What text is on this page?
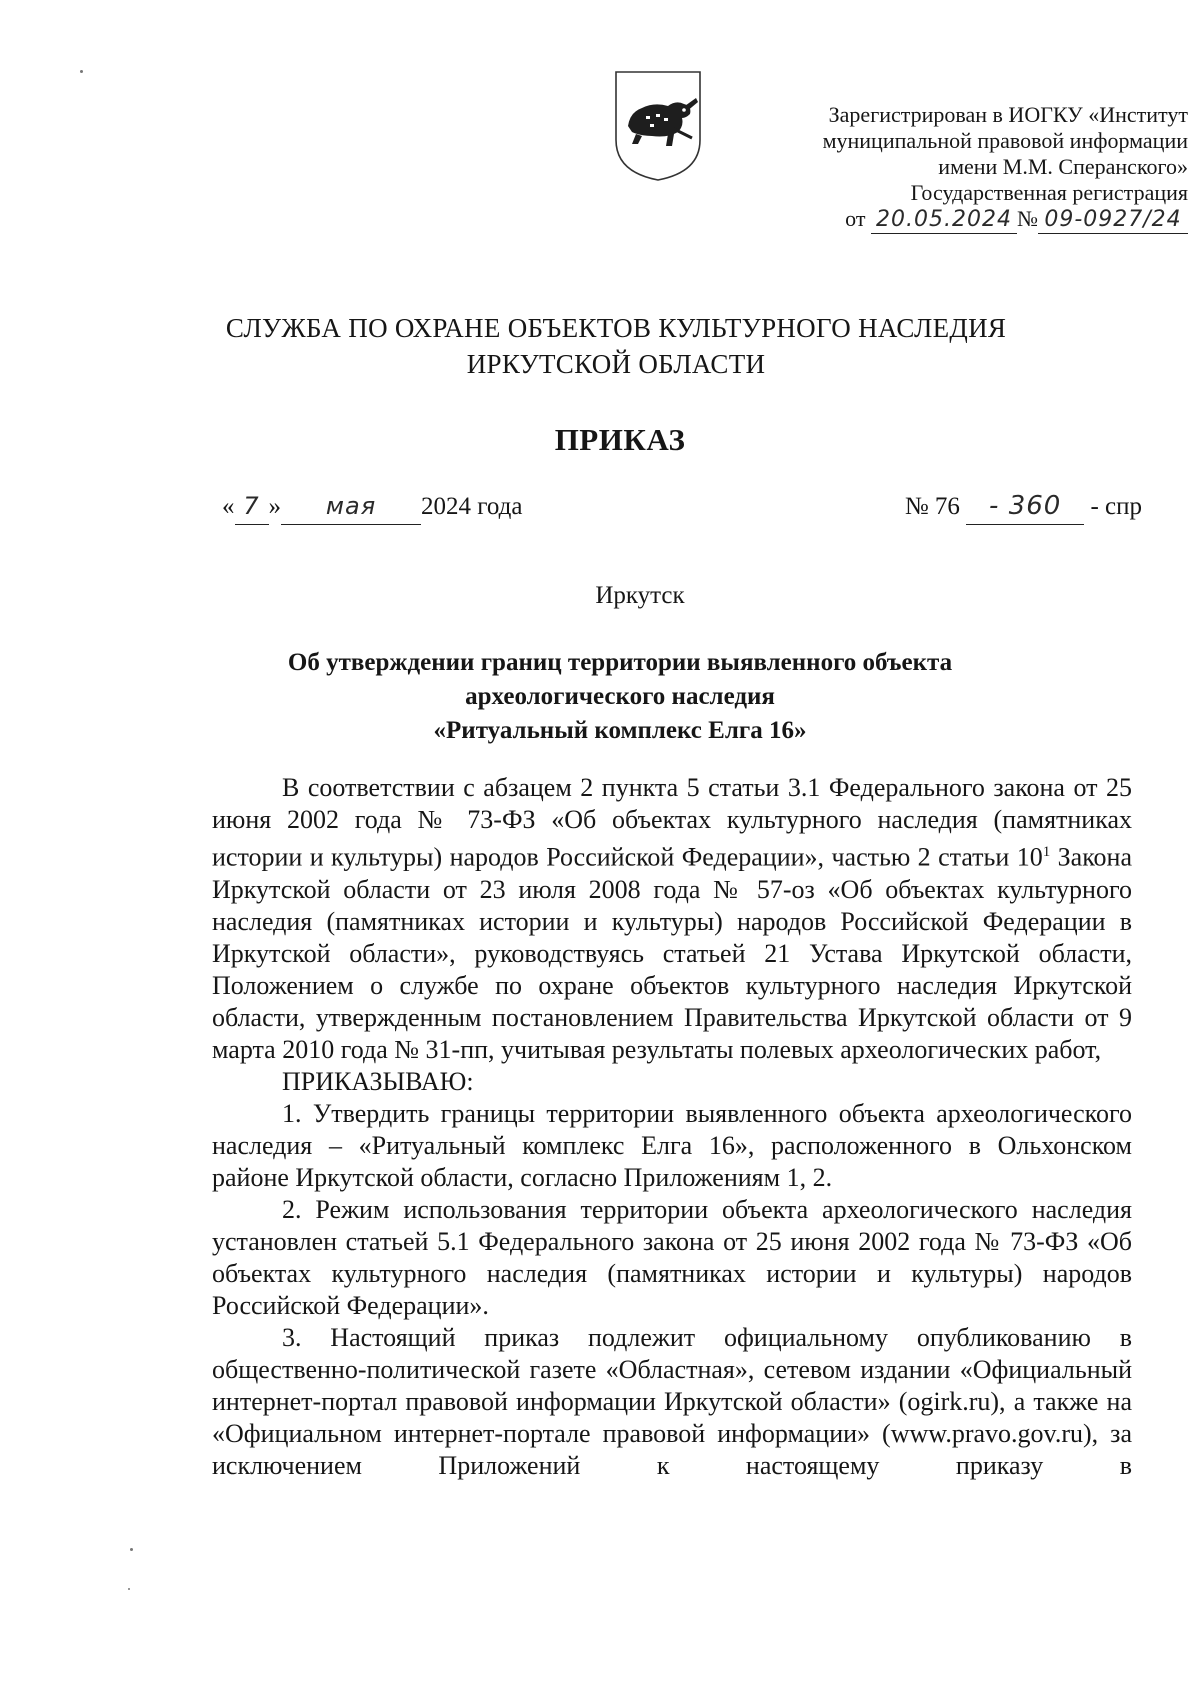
Зарегистрирован в ИОГКУ «Институт
муниципальной правовой информации
имени М.М. Сперанского»
Государственная регистрация
от 20.05.2024 № 09-0927/24
СЛУЖБА ПО ОХРАНЕ ОБЪЕКТОВ КУЛЬТУРНОГО НАСЛЕДИЯ
ИРКУТСКОЙ ОБЛАСТИ
ПРИКАЗ
« 7 » мая 2024 года	№ 76 - 360 - спр
Иркутск
Об утверждении границ территории выявленного объекта
археологического наследия
«Ритуальный комплекс Елга 16»

В соответствии с абзацем 2 пункта 5 статьи 3.1 Федерального закона от 25 июня 2002 года № 73-ФЗ «Об объектах культурного наследия (памятниках истории и культуры) народов Российской Федерации», частью 2 статьи $10^1$ Закона Иркутской области от 23 июля 2008 года № 57-оз «Об объектах культурного наследия (памятниках истории и культуры) народов Российской Федерации в Иркутской области», руководствуясь статьей 21 Устава Иркутской области, Положением о службе по охране объектов культурного наследия Иркутской области, утвержденным постановлением Правительства Иркутской области от 9 марта 2010 года № 31-пп, учитывая результаты полевых археологических работ,

ПРИКАЗЫВАЮ:

1. Утвердить границы территории выявленного объекта археологического наследия – «Ритуальный комплекс Елга 16», расположенного в Ольхонском районе Иркутской области, согласно Приложениям 1, 2.

2. Режим использования территории объекта археологического наследия установлен статьей 5.1 Федерального закона от 25 июня 2002 года № 73-ФЗ «Об объектах культурного наследия (памятниках истории и культуры) народов Российской Федерации».

3. Настоящий приказ подлежит официальному опубликованию в общественно-политической газете «Областная», сетевом издании «Официальный интернет-портал правовой информации Иркутской области» (ogirk.ru), а также на «Официальном интернет-портале правовой информации» (www.pravo.gov.ru), за исключением Приложений к настоящему приказу в
